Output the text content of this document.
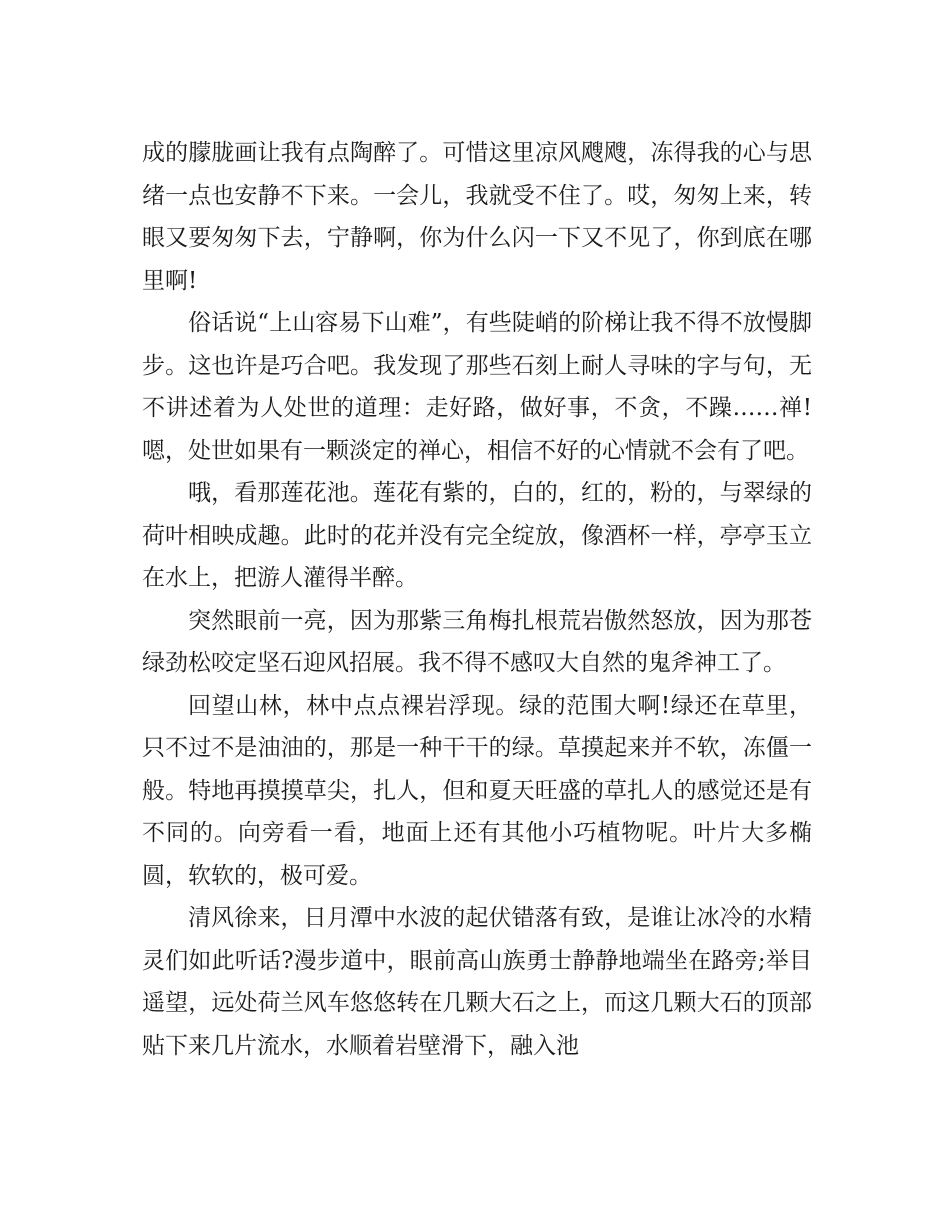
成的朦胧画让我有点陶醉了。可惜这里凉风飕飕，冻得我的心与思绪一点也安静不下来。一会儿，我就受不住了。哎，匆匆上来，转眼又要匆匆下去，宁静啊，你为什么闪一下又不见了，你到底在哪里啊!

俗话说“上山容易下山难”，有些陡峭的阶梯让我不得不放慢脚步。这也许是巧合吧。我发现了那些石刻上耐人寻味的字与句，无不讲述着为人处世的道理：走好路，做好事，不贪，不躁……禅!嗯，处世如果有一颗淡定的禅心，相信不好的心情就不会有了吧。

哦，看那莲花池。莲花有紫的，白的，红的，粉的，与翠绿的荷叶相映成趣。此时的花并没有完全绽放，像酒杯一样，亭亭玉立在水上，把游人灌得半醉。

突然眼前一亮，因为那紫三角梅扎根荒岩傲然怒放，因为那苍绿劲松咬定坚石迎风招展。我不得不感叹大自然的鬼斧神工了。

回望山林，林中点点裸岩浮现。绿的范围大啊!绿还在草里，只不过不是油油的，那是一种干干的绿。草摸起来并不软，冻僵一般。特地再摸摸草尖，扎人，但和夏天旺盛的草扎人的感觉还是有不同的。向旁看一看，地面上还有其他小巧植物呢。叶片大多椭圆，软软的，极可爱。

清风徐来，日月潭中水波的起伏错落有致，是谁让冰冷的水精灵们如此听话?漫步道中，眼前高山族勇士静静地端坐在路旁;举目遥望，远处荷兰风车悠悠转在几颗大石之上，而这几颗大石的顶部贴下来几片流水，水顺着岩壁滑下，融入池
